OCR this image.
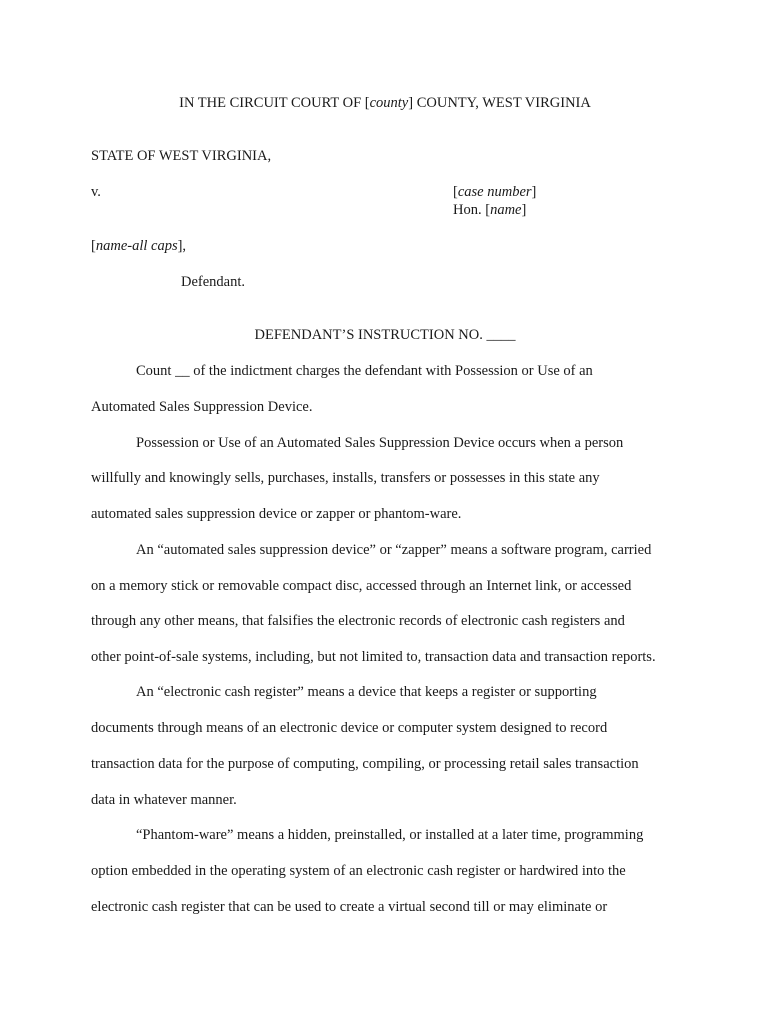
IN THE CIRCUIT COURT OF [county] COUNTY, WEST VIRGINIA
STATE OF WEST VIRGINIA,
v.	[case number]
Hon. [name]
[name-all caps],
Defendant.
DEFENDANT’S INSTRUCTION NO. ____
Count __ of the indictment charges the defendant with Possession or Use of an
Automated Sales Suppression Device.
Possession or Use of an Automated Sales Suppression Device occurs when a person
willfully and knowingly sells, purchases, installs, transfers or possesses in this state any
automated sales suppression device or zapper or phantom-ware.
An “automated sales suppression device” or “zapper” means a software program, carried
on a memory stick or removable compact disc, accessed through an Internet link, or accessed
through any other means, that falsifies the electronic records of electronic cash registers and
other point-of-sale systems, including, but not limited to, transaction data and transaction reports.
An “electronic cash register” means a device that keeps a register or supporting
documents through means of an electronic device or computer system designed to record
transaction data for the purpose of computing, compiling, or processing retail sales transaction
data in whatever manner.
“Phantom-ware” means a hidden, preinstalled, or installed at a later time, programming
option embedded in the operating system of an electronic cash register or hardwired into the
electronic cash register that can be used to create a virtual second till or may eliminate or
